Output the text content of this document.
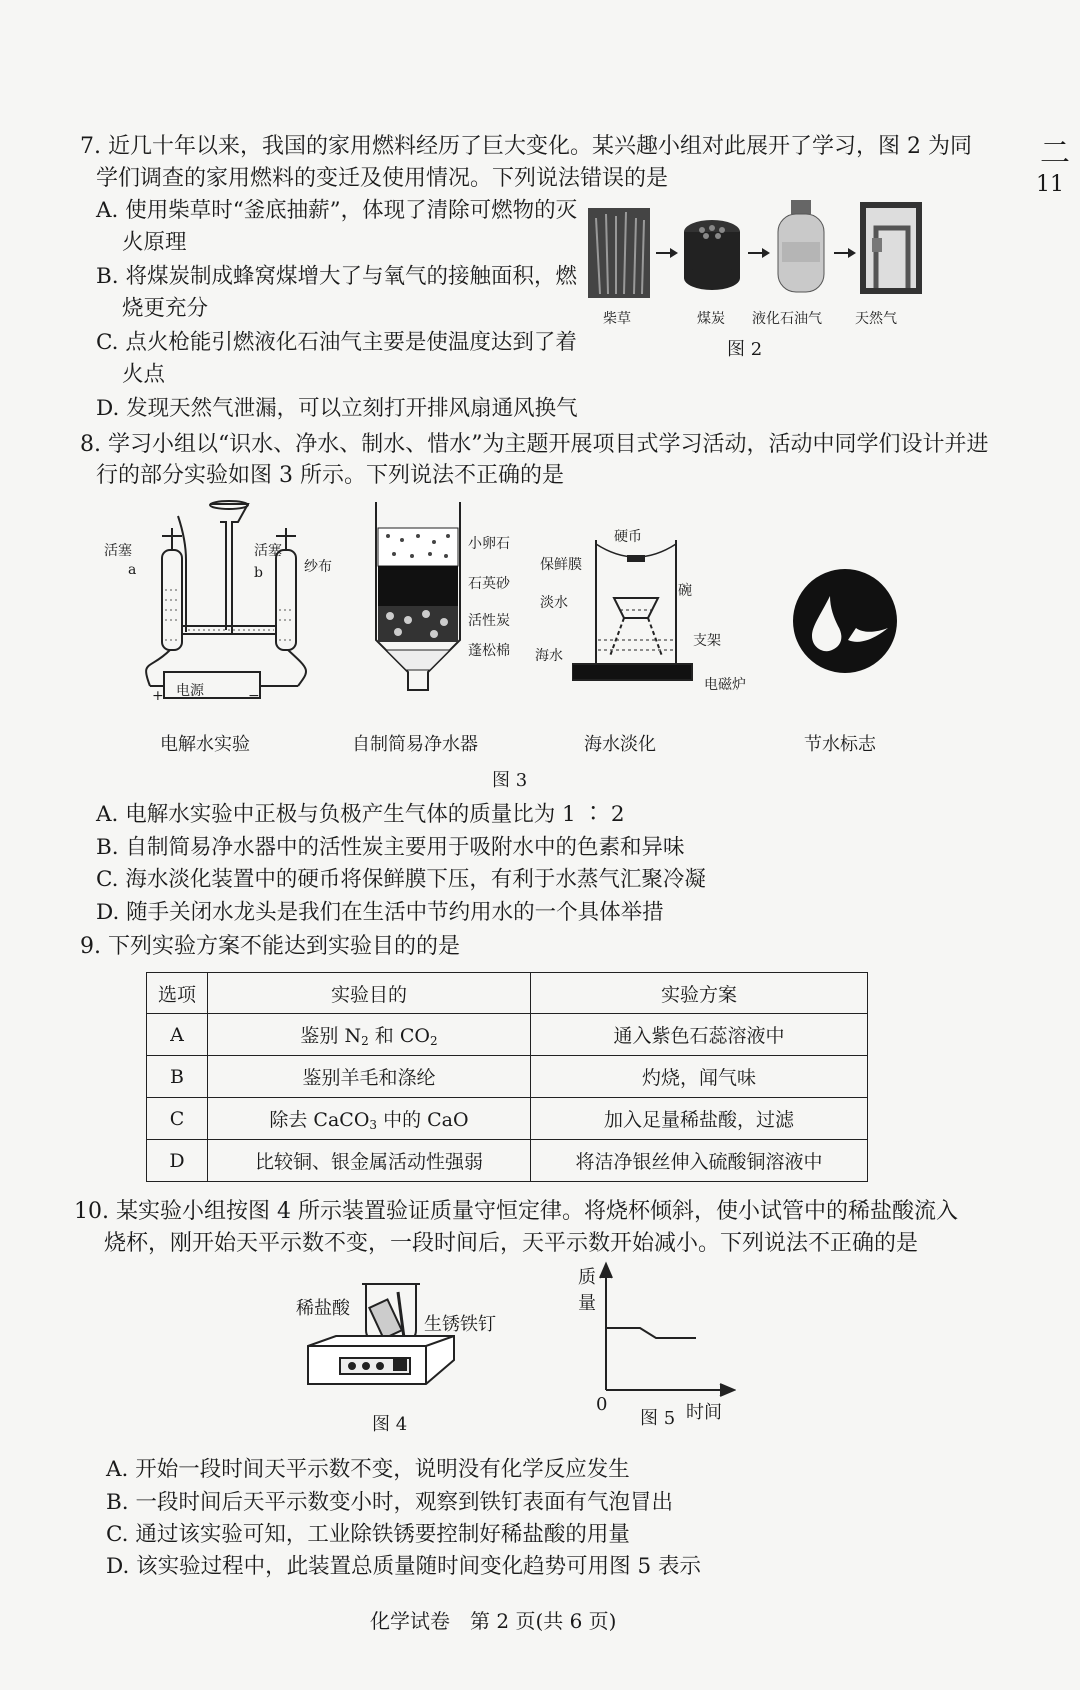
二
11
7. 近几十年以来，我国的家用燃料经历了巨大变化。某兴趣小组对此展开了学习，图 2 为同
学们调查的家用燃料的变迁及使用情况。下列说法错误的是
A. 使用柴草时“釜底抽薪”，体现了清除可燃物的灭
火原理
B. 将煤炭制成蜂窝煤增大了与氧气的接触面积，燃
烧更充分
C. 点火枪能引燃液化石油气主要是使温度达到了着
火点
D. 发现天然气泄漏，可以立刻打开排风扇通风换气
柴草	煤炭 液化石油气 天然气
图 2
8. 学习小组以“识水、净水、制水、惜水”为主题开展项目式学习活动，活动中同学们设计并进
行的部分实验如图 3 所示。下列说法不正确的是
活塞
a
活塞
b
电源
+	−
电解水实验
纱布
小卵石
石英砂
活性炭
蓬松棉
自制简易净水器
硬币
保鲜膜
淡水
碗
支架
海水
电磁炉
海水淡化	节水标志
图 3
A. 电解水实验中正极与负极产生气体的质量比为 1 ∶ 2
B. 自制简易净水器中的活性炭主要用于吸附水中的色素和异味
C. 海水淡化装置中的硬币将保鲜膜下压，有利于水蒸气汇聚冷凝
D. 随手关闭水龙头是我们在生活中节约用水的一个具体举措
9. 下列实验方案不能达到实验目的的是
选项	实验目的	实验方案
A	鉴别 $N_2$ 和 $CO_2$	通入紫色石蕊溶液中
B	鉴别羊毛和涤纶	灼烧，闻气味
C	除去 CaCO$_3$ 中的 CaO	加入足量稀盐酸，过滤
D	比较铜、银金属活动性强弱	将洁净银丝伸入硫酸铜溶液中
10. 某实验小组按图 4 所示装置验证质量守恒定律。将烧杯倾斜，使小试管中的稀盐酸流入
烧杯，刚开始天平示数不变，一段时间后，天平示数开始减小。下列说法不正确的是
稀盐酸
生锈铁钉
图 4
质量
0
图 5 时间
A. 开始一段时间天平示数不变，说明没有化学反应发生
B. 一段时间后天平示数变小时，观察到铁钉表面有气泡冒出
C. 通过该实验可知，工业除铁锈要控制好稀盐酸的用量
D. 该实验过程中，此装置总质量随时间变化趋势可用图 5 表示
化学试卷　第 2 页(共 6 页)
